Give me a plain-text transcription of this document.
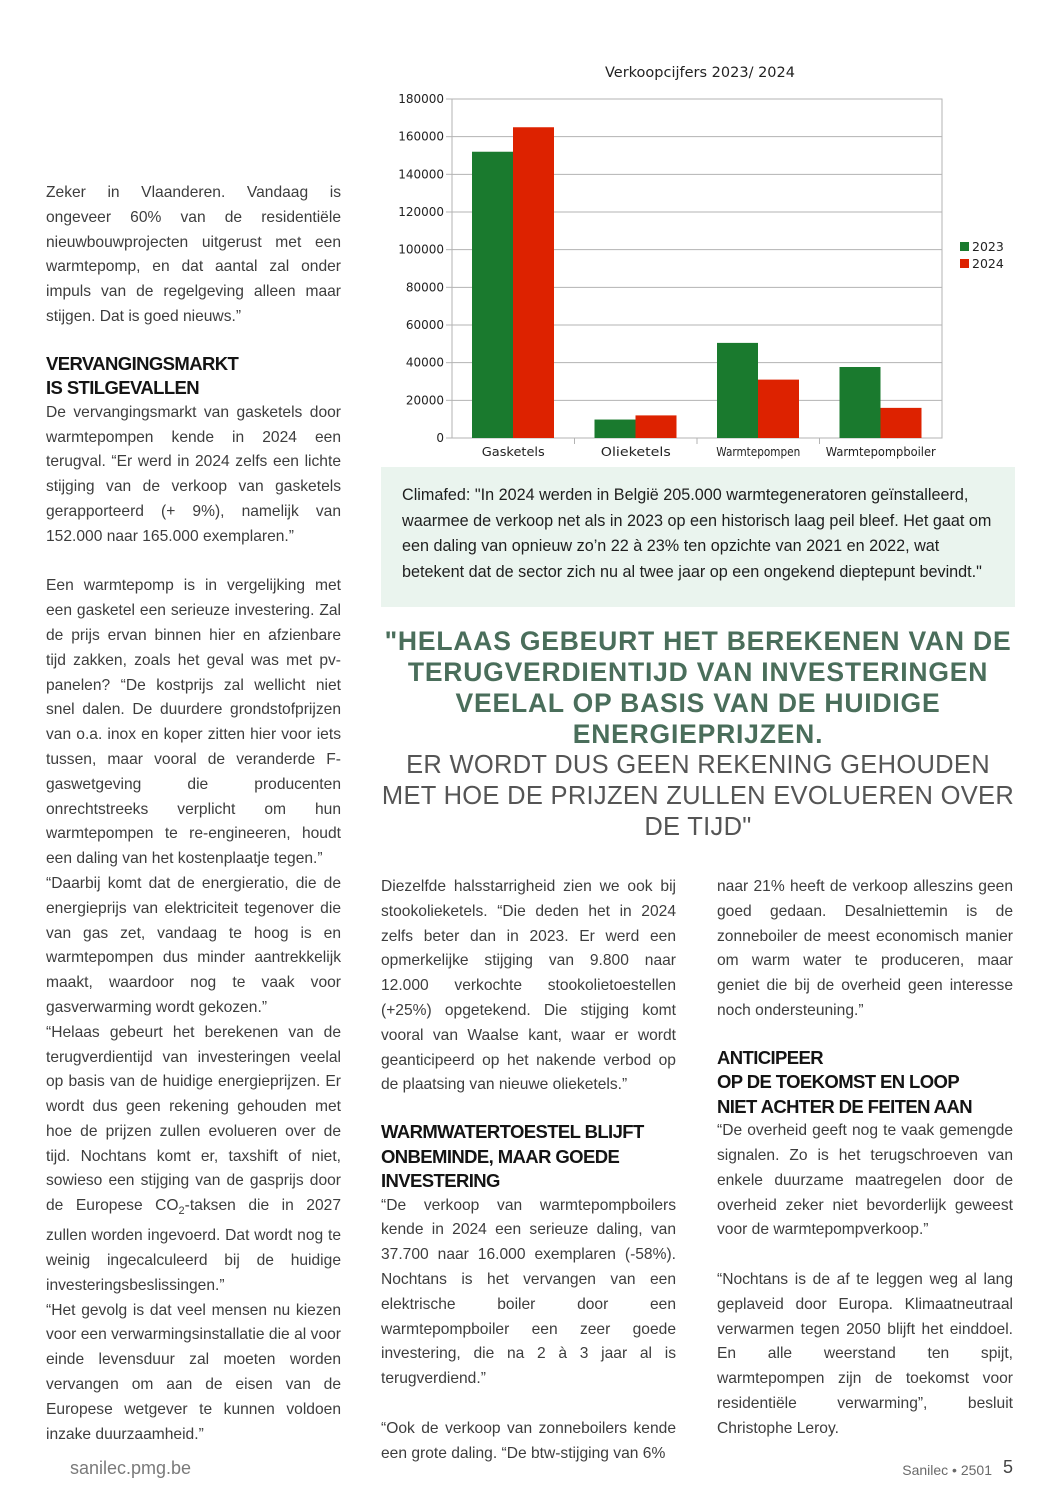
Zeker in Vlaanderen. Vandaag is ongeveer 60% van de residentiële nieuwbouwprojecten uitgerust met een warmtepomp, en dat aantal zal onder impuls van de regelgeving alleen maar stijgen. Dat is goed nieuws.”

VERVANGINGSMARKT
IS STILGEVALLEN

De vervangingsmarkt van gasketels door warmtepompen kende in 2024 een terugval. “Er werd in 2024 zelfs een lichte stijging van de verkoop van gasketels gerapporteerd (+ 9%), namelijk van 152.000 naar 165.000 exemplaren.”

Een warmtepomp is in vergelijking met een gasketel een serieuze investering. Zal de prijs ervan binnen hier en afzienbare tijd zakken, zoals het geval was met pv-panelen? “De kostprijs zal wellicht niet snel dalen. De duurdere grondstofprijzen van o.a. inox en koper zitten hier voor iets tussen, maar vooral de veranderde F-gaswetgeving die producenten onrechtstreeks verplicht om hun warmtepompen te re-engineeren, houdt een daling van het kostenplaatje tegen.”

“Daarbij komt dat de energieratio, die de energieprijs van elektriciteit tegenover die van gas zet, vandaag te hoog is en warmtepompen dus minder aantrekkelijk maakt, waardoor nog te vaak voor gasverwarming wordt gekozen.”

“Helaas gebeurt het berekenen van de terugverdientijd van investeringen veelal op basis van de huidige energieprijzen. Er wordt dus geen rekening gehouden met hoe de prijzen zullen evolueren over de tijd. Nochtans komt er, taxshift of niet, sowieso een stijging van de gasprijs door de Europese $CO_2$-taksen die in 2027 zullen worden ingevoerd. Dat wordt nog te weinig ingecalculeerd bij de huidige investeringsbeslissingen.”

“Het gevolg is dat veel mensen nu kiezen voor een verwarmingsinstallatie die al voor einde levensduur zal moeten worden vervangen om aan de eisen van de Europese wetgever te kunnen voldoen inzake duurzaamheid.”

Verkoopcijfers 2023/ 2024
180000
160000
140000
120000
100000
80000
60000
40000
20000
0
Gasketels	Olieketels	Warmtepompen Warmtepompboiler
2023
2024
Climafed: "In 2024 werden in België 205.000 warmtegeneratoren geïnstalleerd, waarmee de verkoop net als in 2023 op een historisch laag peil bleef. Het gaat om een daling van opnieuw zo’n 22 à 23% ten opzichte van 2021 en 2022, wat betekent dat de sector zich nu al twee jaar op een ongekend dieptepunt bevindt."
"HELAAS GEBEURT HET BEREKENEN VAN DE TERUGVERDIENTIJD VAN INVESTERINGEN VEELAL OP BASIS VAN DE HUIDIGE ENERGIEPRIJZEN.
ER WORDT DUS GEEN REKENING GEHOUDEN MET HOE DE PRIJZEN ZULLEN EVOLUEREN OVER DE TIJD"

Diezelfde halsstarrigheid zien we ook bij stookolieketels. “Die deden het in 2024 zelfs beter dan in 2023. Er werd een opmerkelijke stijging van 9.800 naar 12.000 verkochte stookolietoestellen (+25%) opgetekend. Die stijging komt vooral van Waalse kant, waar er wordt geanticipeerd op het nakende verbod op de plaatsing van nieuwe olieketels.”

WARMWATERTOESTEL BLIJFT
ONBEMINDE, MAAR GOEDE
INVESTERING

“De verkoop van warmtepompboilers kende in 2024 een serieuze daling, van 37.700 naar 16.000 exemplaren (-58%). Nochtans is het vervangen van een elektrische boiler door een warmtepompboiler een zeer goede investering, die na 2 à 3 jaar al is terugverdiend.”

“Ook de verkoop van zonneboilers kende een grote daling. “De btw-stijging van 6%

naar 21% heeft de verkoop alleszins geen goed gedaan. Desalniettemin is de zonneboiler de meest economisch manier om warm water te produceren, maar geniet die bij de overheid geen interesse noch ondersteuning.”

ANTICIPEER
OP DE TOEKOMST EN LOOP
NIET ACHTER DE FEITEN AAN

“De overheid geeft nog te vaak gemengde signalen. Zo is het terugschroeven van enkele duurzame maatregelen door de overheid zeker niet bevorderlijk geweest voor de warmtepompverkoop.”

“Nochtans is de af te leggen weg al lang geplaveid door Europa. Klimaatneutraal verwarmen tegen 2050 blijft het einddoel. En alle weerstand ten spijt, warmtepompen zijn de toekomst voor residentiële verwarming”, besluit Christophe Leroy.

sanilec.pmg.be	Sanilec • 2501 5
